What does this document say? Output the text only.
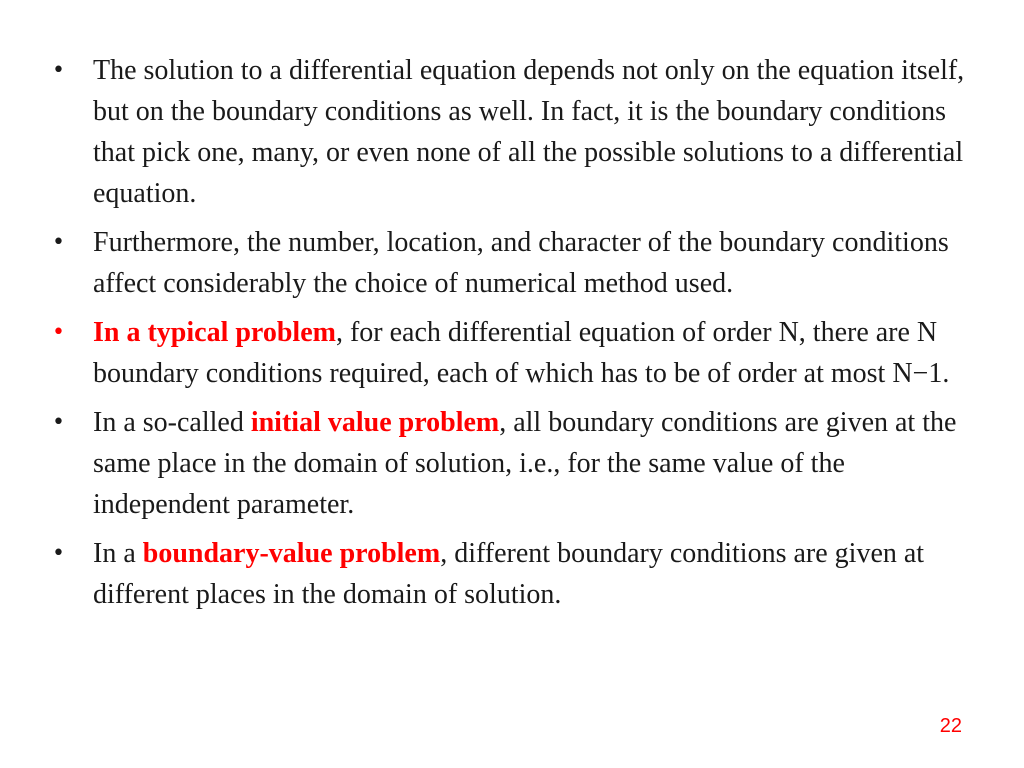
• The solution to a differential equation depends not only on the equation itself, but on the boundary conditions as well. In fact, it is the boundary conditions that pick one, many, or even none of all the possible solutions to a differential equation.
• Furthermore, the number, location, and character of the boundary conditions affect considerably the choice of numerical method used.
• In a typical problem, for each differential equation of order N, there are N boundary conditions required, each of which has to be of order at most N−1.
• In a so-called initial value problem, all boundary conditions are given at the same place in the domain of solution, i.e., for the same value of the independent parameter.
• In a boundary-value problem, different boundary conditions are given at different places in the domain of solution.
22
